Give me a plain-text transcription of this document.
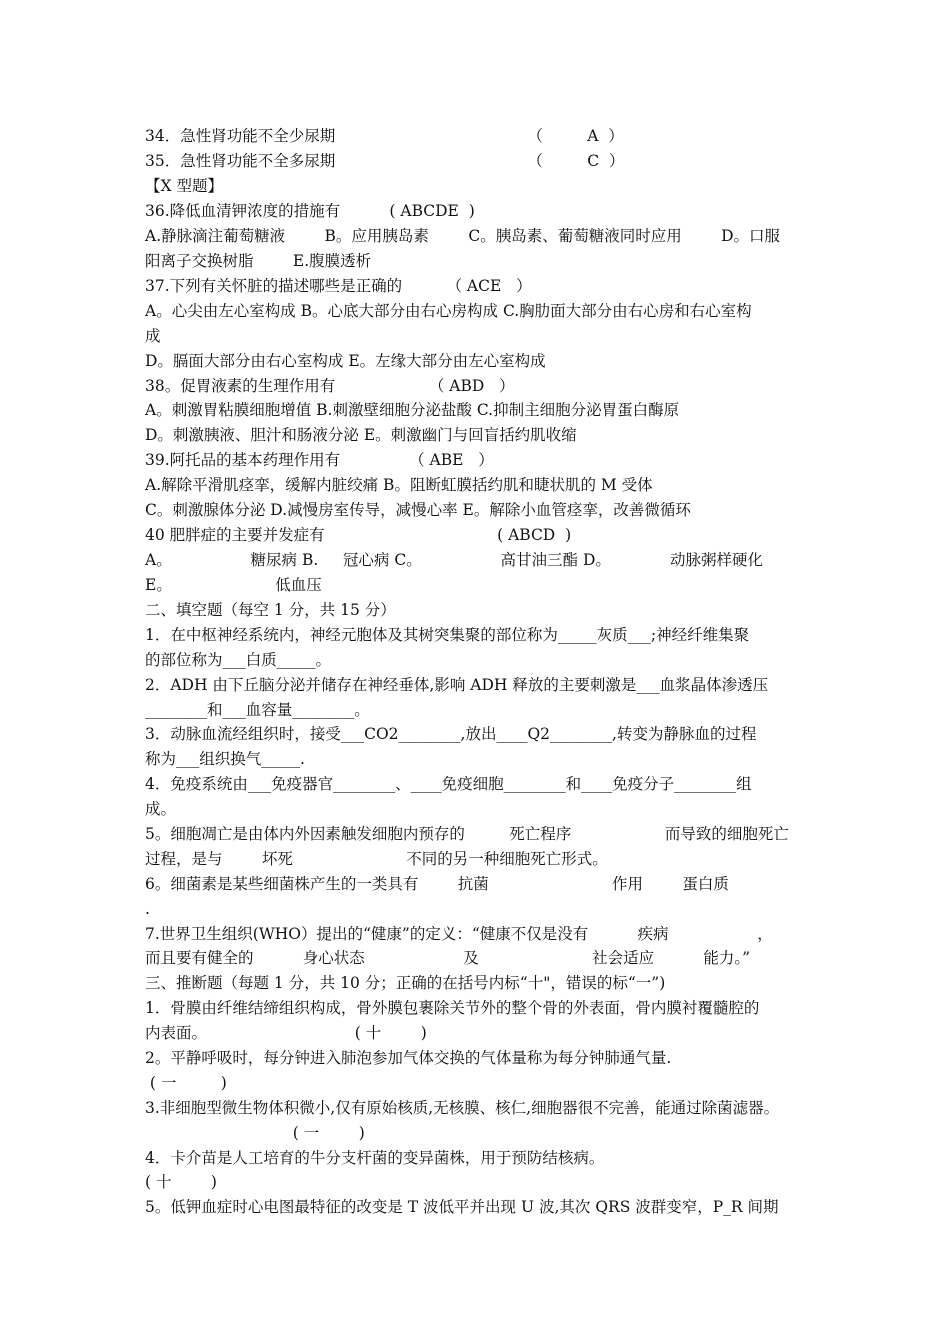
34．急性肾功能不全少尿期                                       （         A  ）
35．急性肾功能不全多尿期                                       （         C  ）
【X 型题】
36.降低血清钾浓度的措施有          ( ABCDE  )
A.静脉滴注葡萄糖液        B。应用胰岛素        C。胰岛素、葡萄糖液同时应用        D。口服
阳离子交换树脂        E.腹膜透析
37.下列有关怀脏的描述哪些是正确的         （ ACE   ）
A。心尖由左心室构成 B。心底大部分由右心房构成 C.胸肋面大部分由右心房和右心室构
成
D。膈面大部分由右心室构成 E。左缘大部分由左心室构成
38。促胃液素的生理作用有                   （ ABD   ）
A。刺激胃粘膜细胞增值 B.刺激壁细胞分泌盐酸 C.抑制主细胞分泌胃蛋白酶原
D。刺激胰液、胆汁和肠液分泌 E。刺激幽门与回盲括约肌收缩
39.阿托品的基本药理作用有              （ ABE   ）
A.解除平滑肌痉挛，缓解内脏绞痛 B。阻断虹膜括约肌和睫状肌的 M 受体
C。刺激腺体分泌 D.减慢房室传导，减慢心率 E。解除小血管痉挛，改善微循环
40 肥胖症的主要并发症有                                   ( ABCD  )
A。                糖尿病 B.     冠心病 C。                高甘油三酯 D。            动脉粥样硬化
E。                     低血压
二、填空题（每空 1 分，共 15 分）
1．在中枢神经系统内，神经元胞体及其树突集聚的部位称为_____灰质___;神经纤维集聚
的部位称为___白质_____。
2．ADH 由下丘脑分泌并储存在神经垂体,影响 ADH 释放的主要刺激是___血浆晶体渗透压
________和___血容量________。
3．动脉血流经组织时，接受___CO2________,放出____Q2________,转变为静脉血的过程
称为___组织换气_____.
4．免疫系统由___免疫器官________、____免疫细胞________和____免疫分子________组
成。
5。细胞凋亡是由体内外因素触发细胞内预存的         死亡程序                   而导致的细胞死亡
过程，是与        坏死                       不同的另一种细胞死亡形式。
6。细菌素是某些细菌株产生的一类具有        抗菌                         作用        蛋白质
.
7.世界卫生组织(WHO）提出的“健康”的定义：“健康不仅是没有          疾病                  ，
而且要有健全的          身心状态                    及                       社会适应          能力。”
三、推断题（每题 1 分，共 10 分；正确的在括号内标“十"，错误的标“一”)
1．骨膜由纤维结缔组织构成，骨外膜包裹除关节外的整个骨的外表面，骨内膜衬覆髓腔的
内表面。                              ( 十        )
2。平静呼吸时，每分钟进入肺泡参加气体交换的气体量称为每分钟肺通气量.
( 一         )
3.非细胞型微生物体积微小,仅有原始核质,无核膜、核仁,细胞器很不完善，能通过除菌滤器。
( 一        )
4．卡介苗是人工培育的牛分支杆菌的变异菌株，用于预防结核病。
( 十        )
5。低钾血症时心电图最特征的改变是 T 波低平并出现 U 波,其次 QRS 波群变窄，P_R 间期
